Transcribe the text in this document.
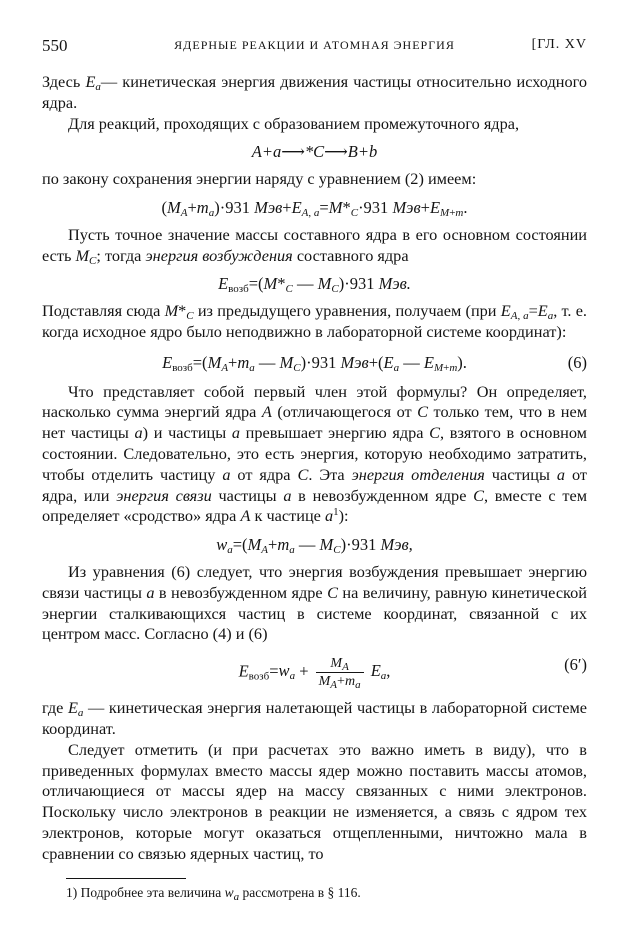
550	ЯДЕРНЫЕ РЕАКЦИИ И АТОМНАЯ ЭНЕРГИЯ	[ГЛ. XV

Здесь $E_a—$ кинетическая энергия движения частицы относительно исходного ядра.

Для реакций, проходящих с образованием промежуточного ядра,

A+a⟶*C⟶B+b

по закону сохранения энергии наряду с уравнением (2) имеем:

$(M_A+m_a)\cdot 931$ $Мэв+E_{A, a}=M*_C\cdot 931$ $Мэв+E_{M+m}$.

Пусть точное значение массы составного ядра в его основном состоянии есть $M_C$; тогда энергия возбуждения составного ядра

$E_{возб}=(M*_C$ — $M_C)\cdot 931$ Мэв.

Подставляя сюда $M*_C$ из предыдущего уравнения, получаем (при $E_{A, a}=E_a$, т. е. когда исходное ядро было неподвижно в лабораторной системе координат):

$E_{возб}=(M_A+m_a$ — $M_C)\cdot 931$ $Мэв+(E_a$ — $E_{M+m}$).	(6)

Что представляет собой первый член этой формулы? Он определяет, насколько сумма энергий ядра A (отличающегося от C только тем, что в нем нет частицы a) и частицы a превышает энергию ядра C, взятого в основном состоянии. Следовательно, это есть энергия, которую необходимо затратить, чтобы отделить частицу a от ядра C. Эта энергия отделения частицы a от ядра, или энергия связи частицы a в невозбужденном ядре C, вместе с тем определяет «сродство» ядра A к частице $a^1$):

$w_a=(M_A+m_a$ — $M_C)\cdot 931$ Мэв,

Из уравнения (6) следует, что энергия возбуждения превышает энергию связи частицы a в невозбужденном ядре C на величину, равную кинетической энергии сталкивающихся частиц в системе координат, связанной с их центром масс. Согласно (4) и (6)

$E_{возб}=w_a + \frac{M_A}{M_A+m_a} E_a$,	(6′)

где $E_a$ — кинетическая энергия налетающей частицы в лабораторной системе координат.

Следует отметить (и при расчетах это важно иметь в виду), что в приведенных формулах вместо массы ядер можно поставить массы атомов, отличающиеся от массы ядер на массу связанных с ними электронов. Поскольку число электронов в реакции не изменяется, а связь с ядром тех электронов, которые могут оказаться отщепленными, ничтожно мала в сравнении со связью ядерных частиц, то

1) Подробнее эта величина $w_a$ рассмотрена в § 116.
